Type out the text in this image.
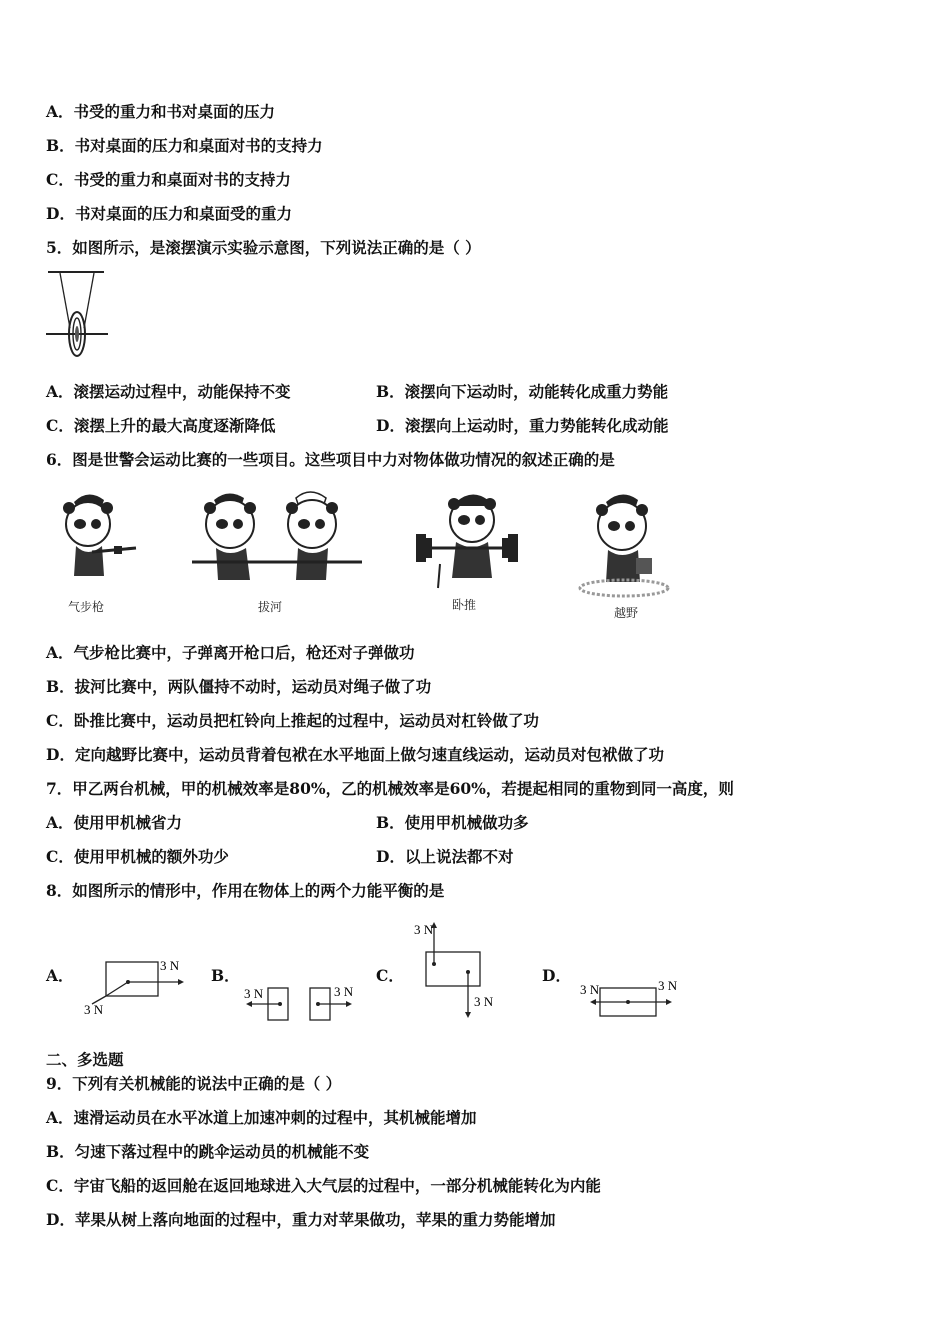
A．书受的重力和书对桌面的压力
B．书对桌面的压力和桌面对书的支持力
C．书受的重力和桌面对书的支持力
D．书对桌面的压力和桌面受的重力
5．如图所示，是滚摆演示实验示意图，下列说法正确的是（ ）
A．滚摆运动过程中，动能保持不变	B．滚摆向下运动时，动能转化成重力势能
C．滚摆上升的最大高度逐渐降低	D．滚摆向上运动时，重力势能转化成动能
6．图是世警会运动比赛的一些项目。这些项目中力对物体做功情况的叙述正确的是
气步枪	拔河	卧推
越野
A．气步枪比赛中，子弹离开枪口后，枪还对子弹做功
B．拔河比赛中，两队僵持不动时，运动员对绳子做了功
C．卧推比赛中，运动员把杠铃向上推起的过程中，运动员对杠铃做了功
D．定向越野比赛中，运动员背着包袱在水平地面上做匀速直线运动，运动员对包袱做了功
7．甲乙两台机械，甲的机械效率是80%，乙的机械效率是60%，若提起相同的重物到同一高度，则
A．使用甲机械省力	B．使用甲机械做功多
C．使用甲机械的额外功少	D．以上说法都不对
8．如图所示的情形中，作用在物体上的两个力能平衡的是
A．
3 N
3 N
B．
3 N	3 N
C．
3 N
3 N
D．
3 N	3 N
二、多选题
9．下列有关机械能的说法中正确的是（ ）
A．速滑运动员在水平冰道上加速冲刺的过程中，其机械能增加
B．匀速下落过程中的跳伞运动员的机械能不变
C．宇宙飞船的返回舱在返回地球进入大气层的过程中，一部分机械能转化为内能
D．苹果从树上落向地面的过程中，重力对苹果做功，苹果的重力势能增加
